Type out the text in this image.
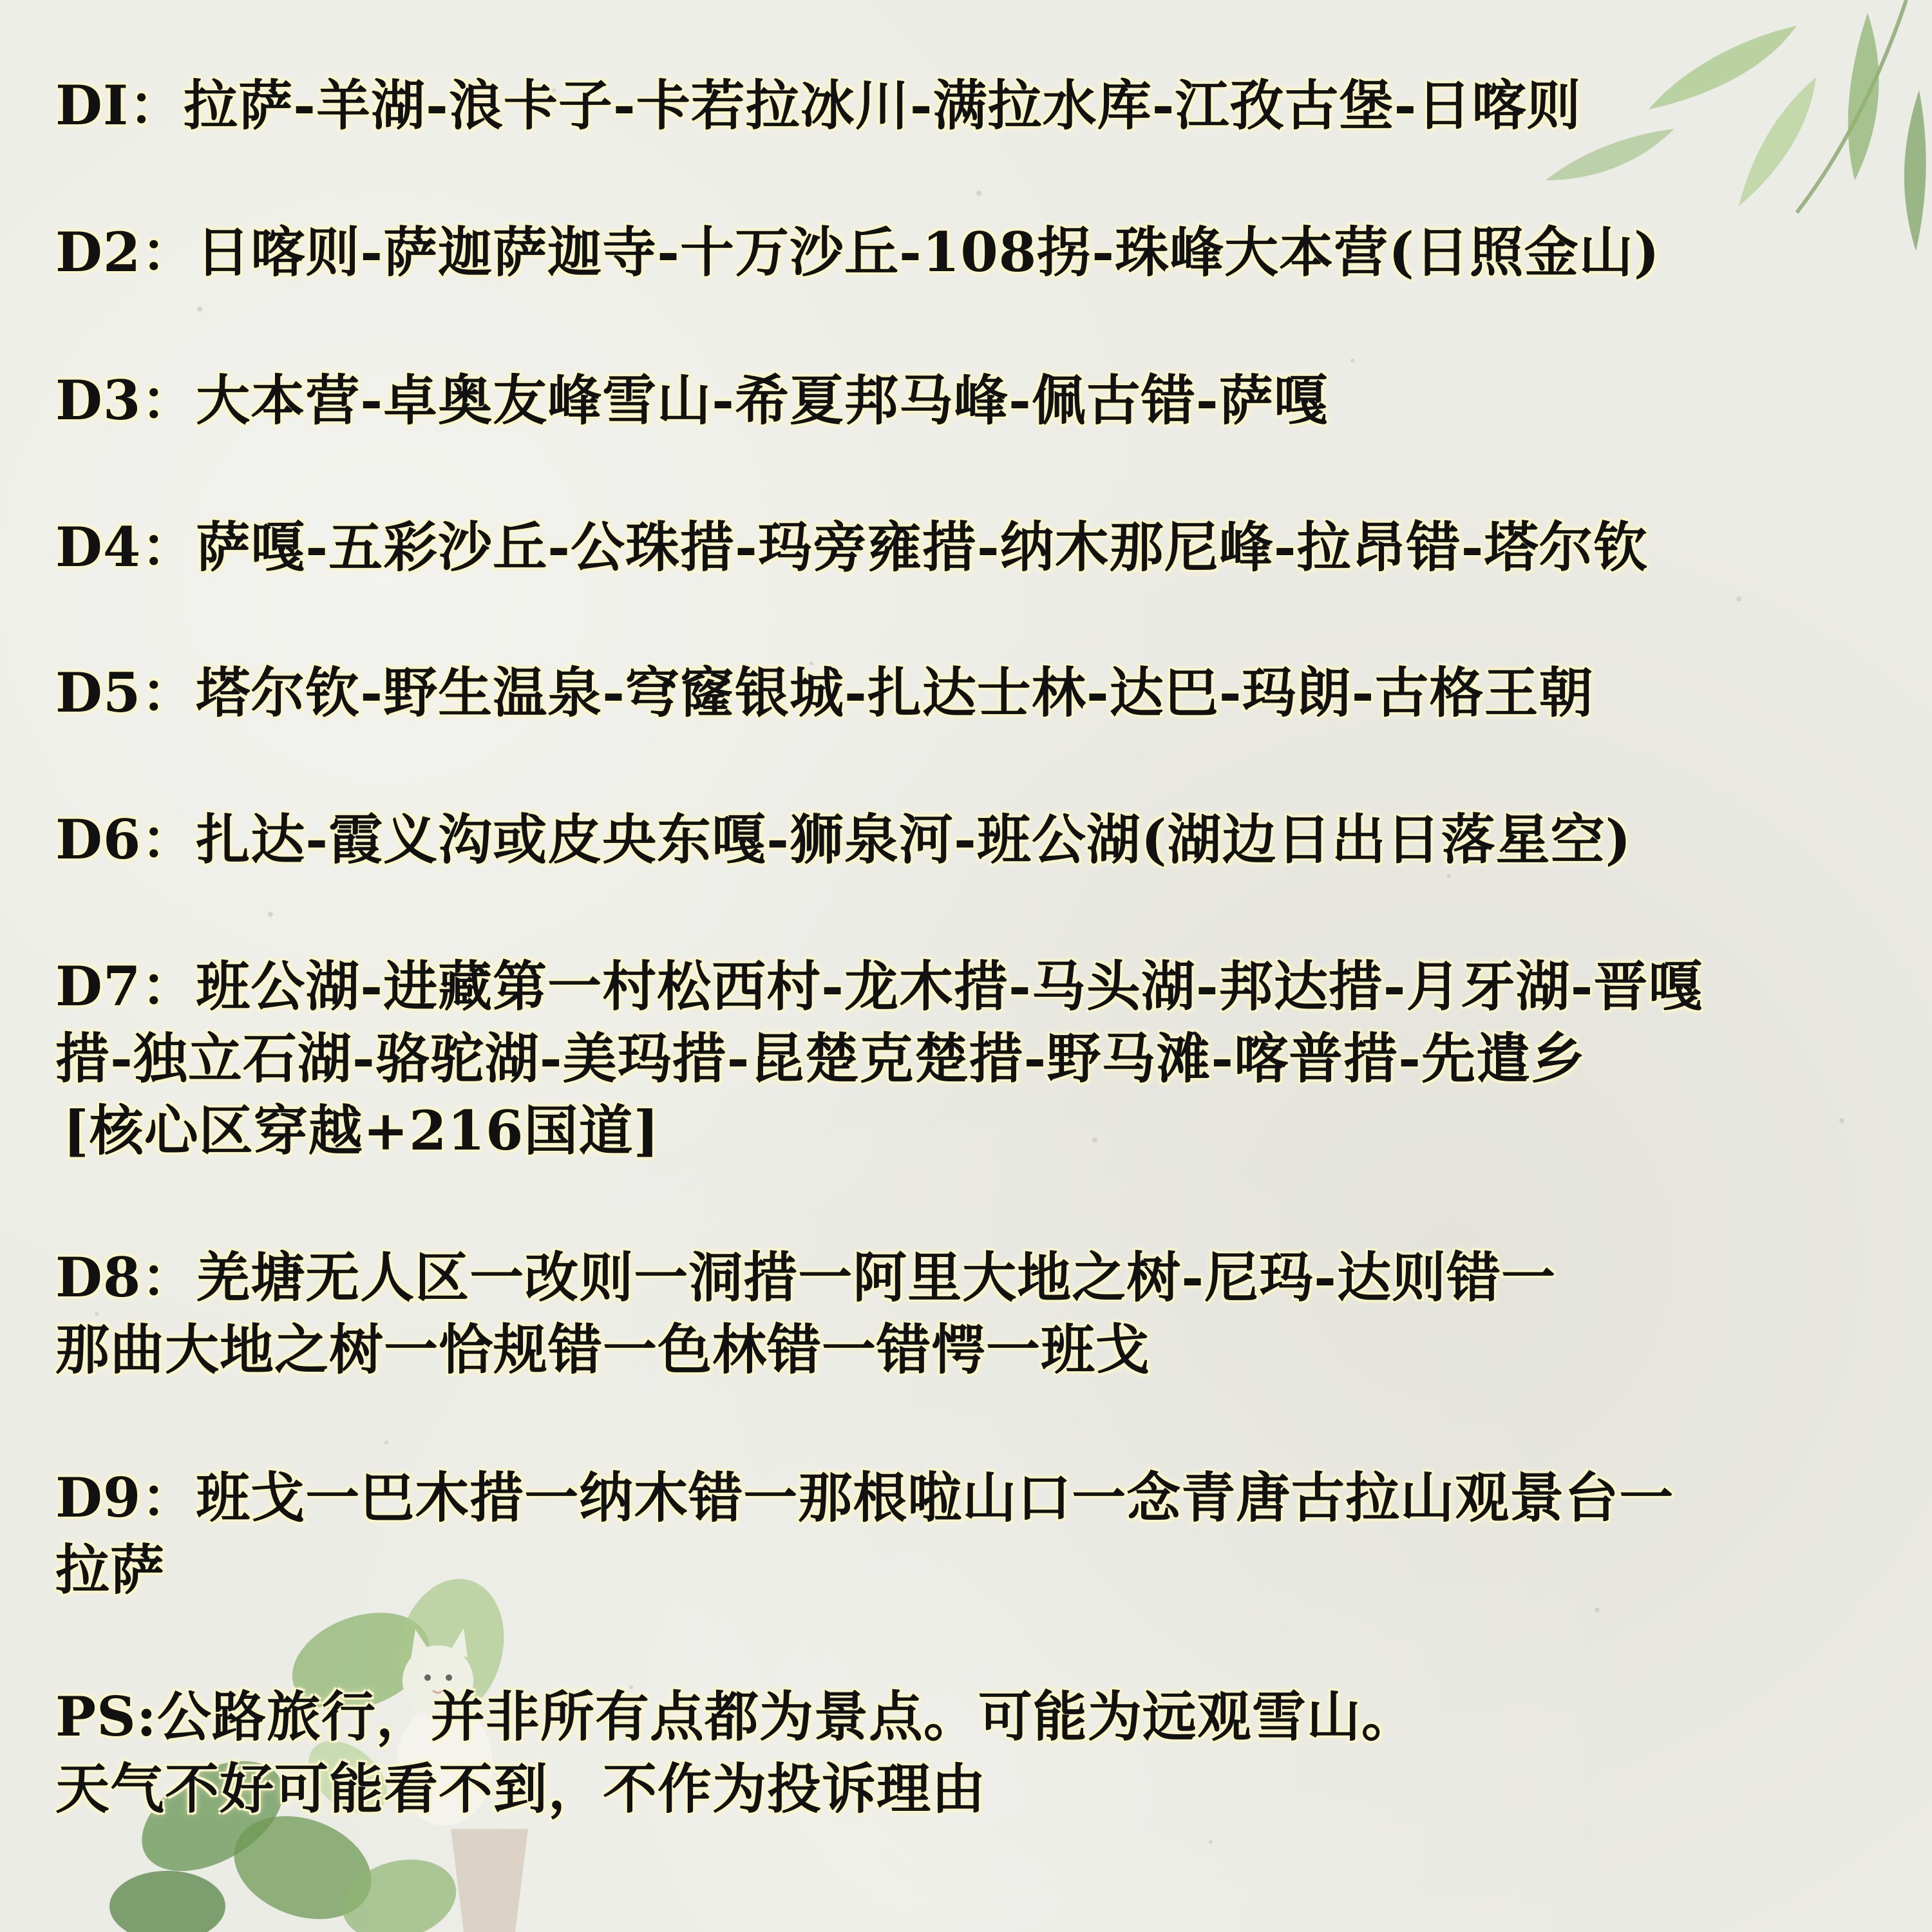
DI：拉萨-羊湖-浪卡子-卡若拉冰川-满拉水库-江孜古堡-日喀则
D2：日喀则-萨迦萨迦寺-十万沙丘-108拐-珠峰大本营(日照金山)
D3：大本营-卓奥友峰雪山-希夏邦马峰-佩古错-萨嘎
D4：萨嘎-五彩沙丘-公珠措-玛旁雍措-纳木那尼峰-拉昂错-塔尔钦
D5：塔尔钦-野生温泉-穹窿银城-扎达士林-达巴-玛朗-古格王朝
D6：扎达-霞义沟或皮央东嘎-狮泉河-班公湖(湖边日出日落星空)
D7：班公湖-进藏第一村松西村-龙木措-马头湖-邦达措-月牙湖-晋嘎
措-独立石湖-骆驼湖-美玛措-昆楚克楚措-野马滩-喀普措-先遣乡
[核心区穿越+216国道]
D8：羌塘无人区一改则一洞措一阿里大地之树-尼玛-达则错一
那曲大地之树一恰规错一色林错一错愕一班戈
D9：班戈一巴木措一纳木错一那根啦山口一念青唐古拉山观景台一
拉萨
PS:公路旅行，并非所有点都为景点。可能为远观雪山。
天气不好可能看不到，不作为投诉理由
